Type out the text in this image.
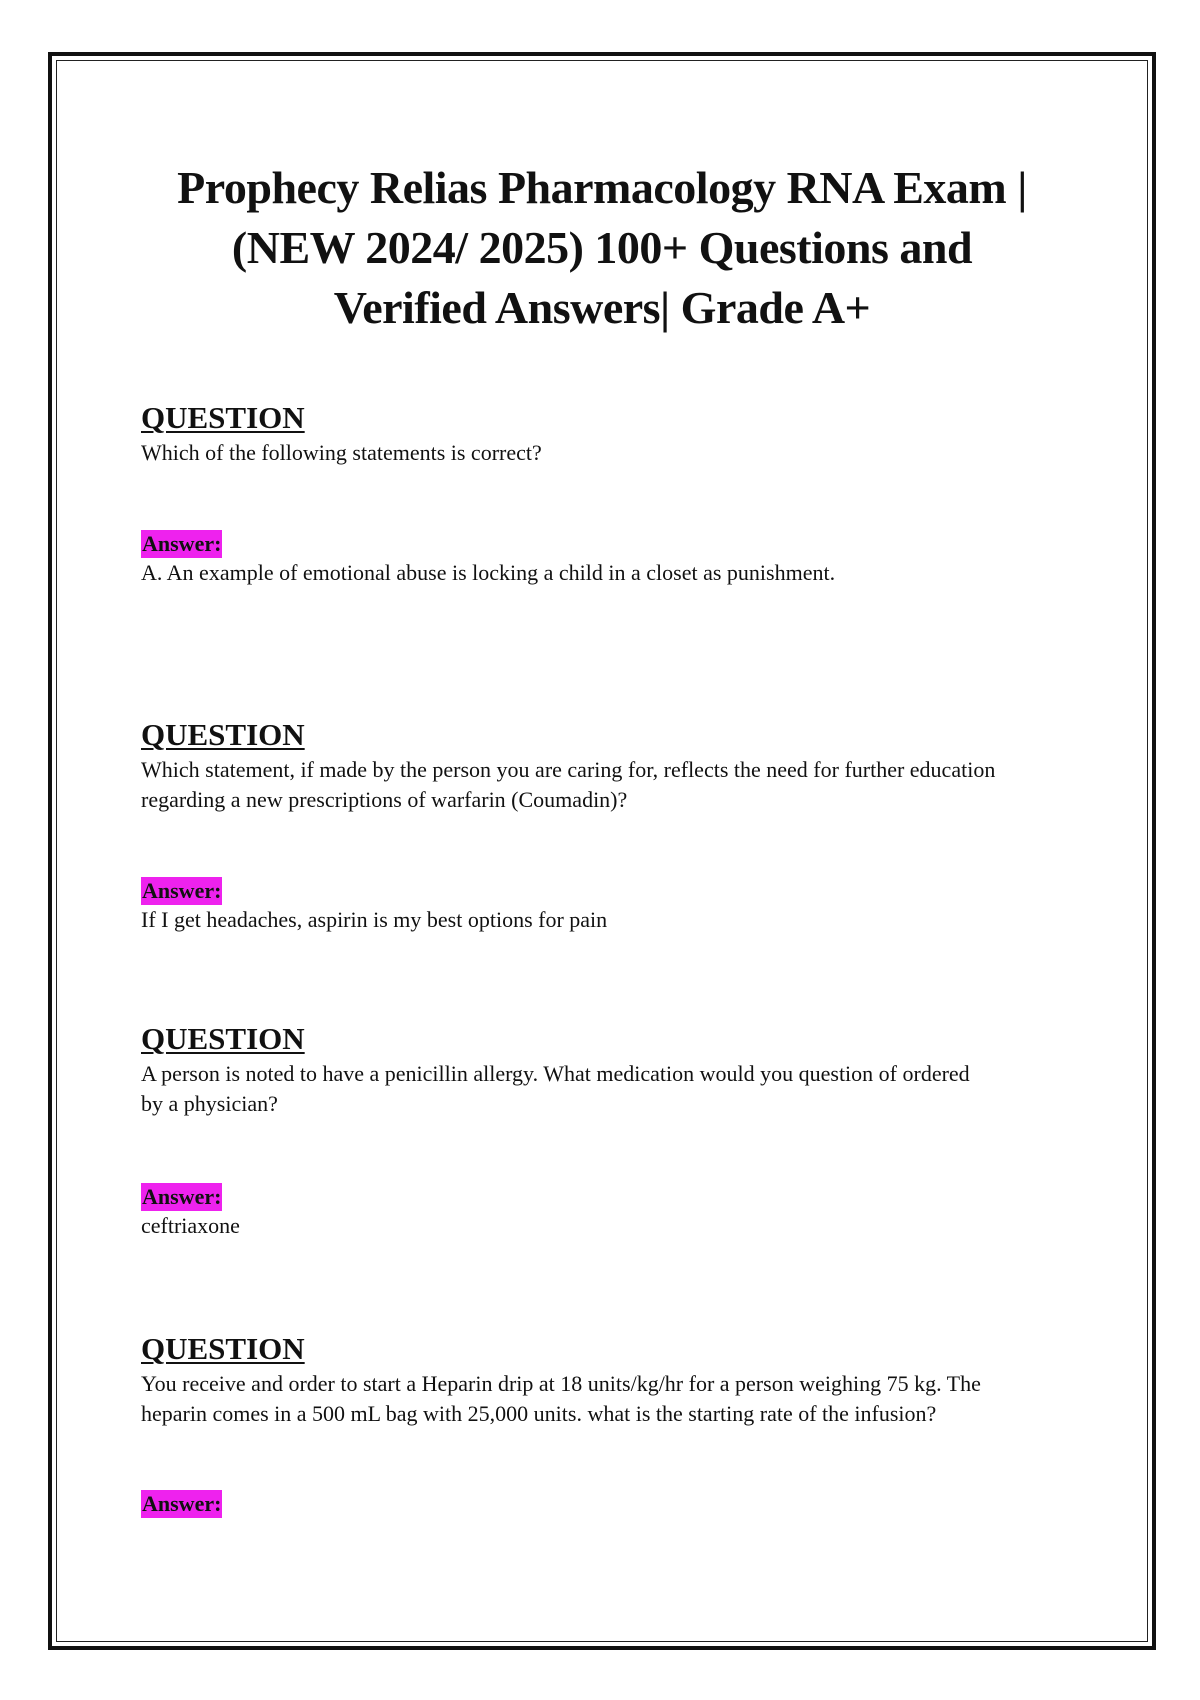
Prophecy Relias Pharmacology RNA Exam |
(NEW 2024/ 2025) 100+ Questions and
Verified Answers| Grade A+
QUESTION

Which of the following statements is correct?

Answer:

A. An example of emotional abuse is locking a child in a closet as punishment.

QUESTION

Which statement, if made by the person you are caring for, reflects the need for further education
regarding a new prescriptions of warfarin (Coumadin)?

Answer:

If I get headaches, aspirin is my best options for pain

QUESTION

A person is noted to have a penicillin allergy. What medication would you question of ordered
by a physician?

Answer:

ceftriaxone

QUESTION

You receive and order to start a Heparin drip at 18 units/kg/hr for a person weighing 75 kg. The
heparin comes in a 500 mL bag with 25,000 units. what is the starting rate of the infusion?

Answer:
